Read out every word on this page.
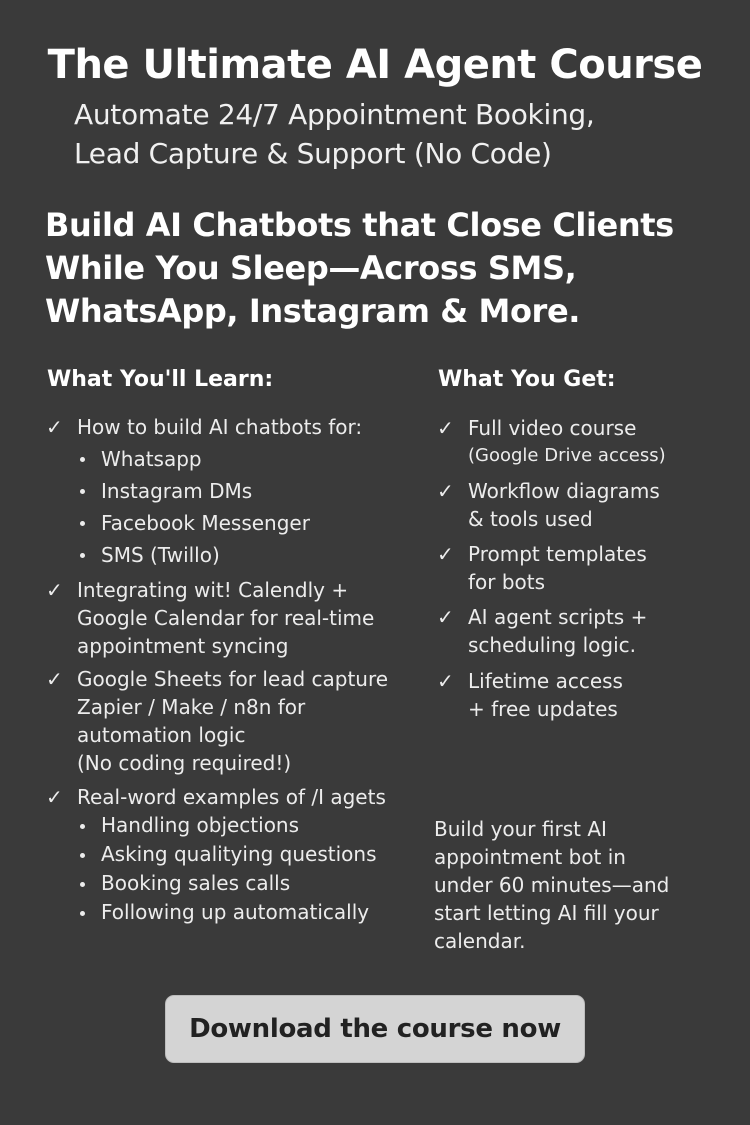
The Ultimate AI Agent Course
Automate 24/7 Appointment Booking,
Lead Capture & Support (No Code)
Build AI Chatbots that Close Clients
While You Sleep—Across SMS,
WhatsApp, Instagram & More.
What You'll Learn:
✓ How to build AI chatbots for:
Whatsapp
Instagram DMs
Facebook Messenger
SMS (Twillo)
✓ Integrating wit! Calendly +
Google Calendar for real-time
appointment syncing
✓ Google Sheets for lead capture
Zapier / Make / n8n for
automation logic
(No coding required!)
✓ Real-word examples of /I agets
Handling objections
Asking qualitying questions
Booking sales calls
Following up automatically
What You Get:
✓ Full video course
(Google Drive access)
✓ Workflow diagrams
& tools used
✓ Prompt templates
for bots
✓ AI agent scripts +
scheduling logic.
✓ Lifetime access
+ free updates
Build your first AI
appointment bot in
under 60 minutes—and
start letting AI fill your
calendar.
Download the course now
